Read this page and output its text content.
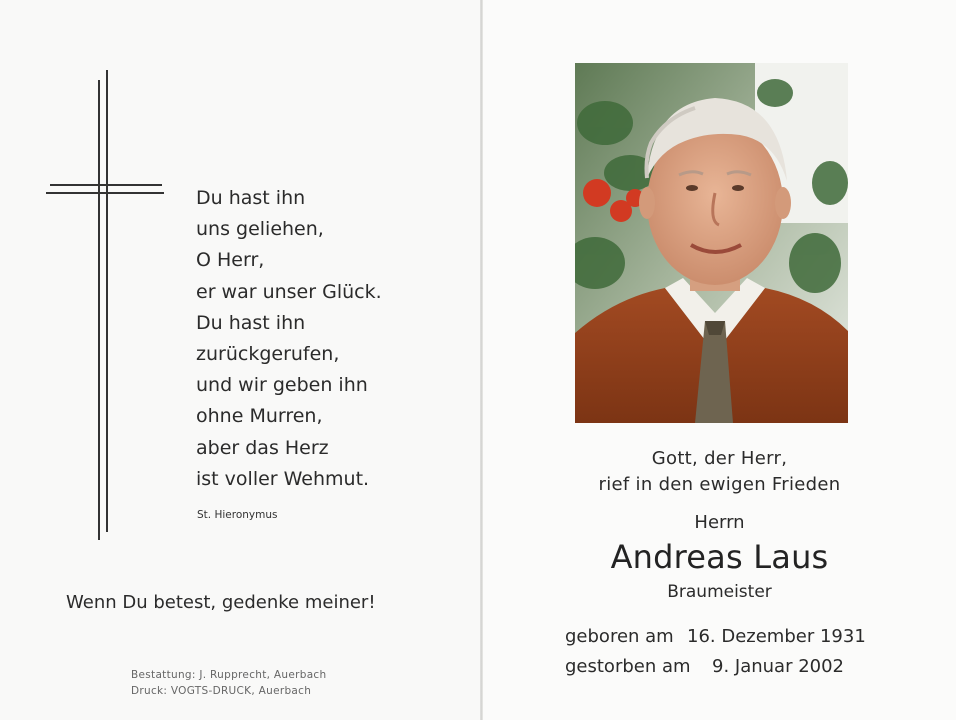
Du hast ihn
uns geliehen,
O Herr,
er war unser Glück.
Du hast ihn
zurückgerufen,
und wir geben ihn
ohne Murren,
aber das Herz
ist voller Wehmut.
St. Hieronymus
Wenn Du betest, gedenke meiner!
Bestattung: J. Rupprecht, Auerbach
Druck: VOGTS-DRUCK, Auerbach
Gott, der Herr,
rief in den ewigen Frieden
Herrn
Andreas Laus
Braumeister
geboren am 16. Dezember 1931
gestorben am 9. Januar 2002
